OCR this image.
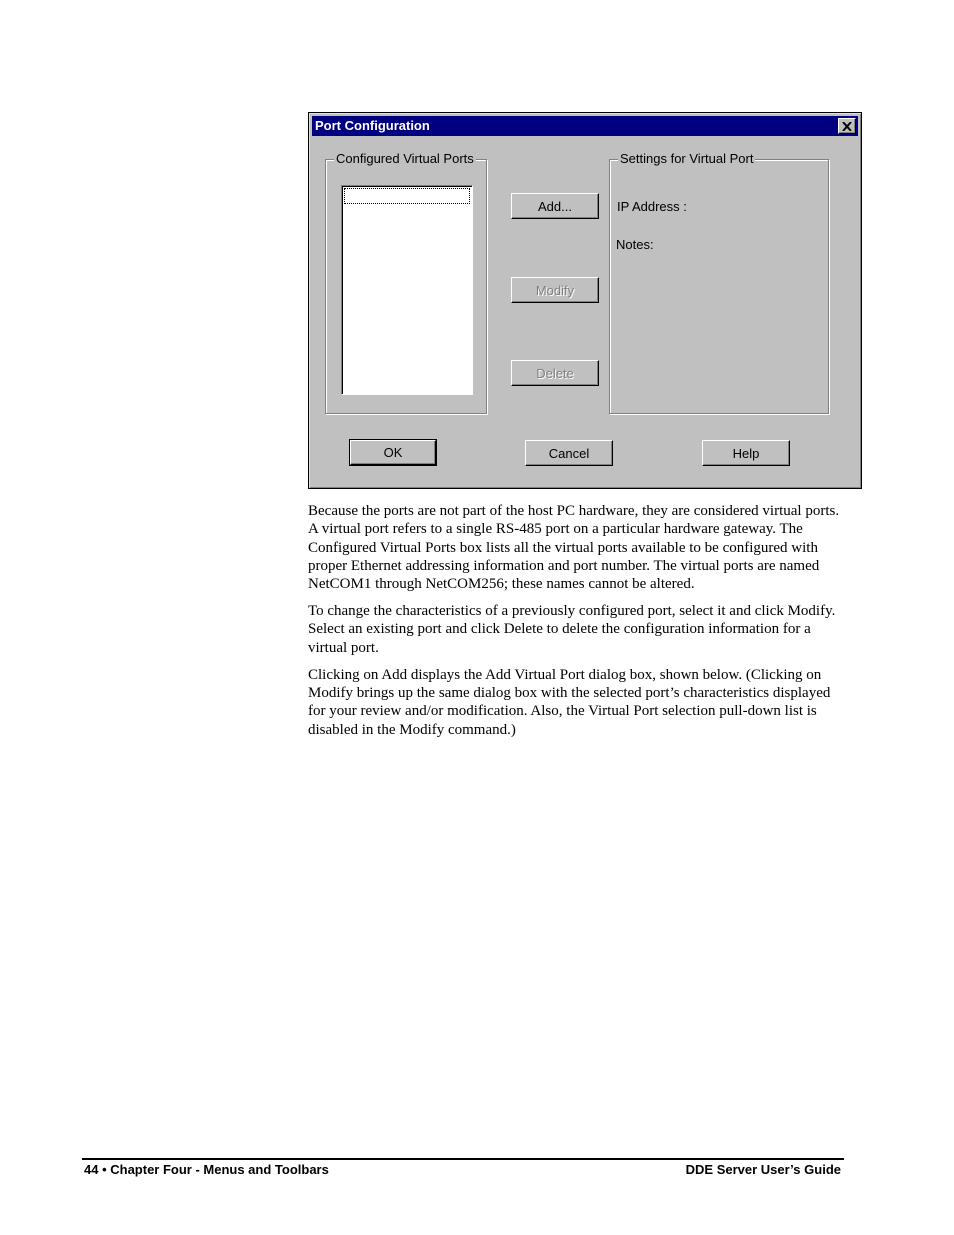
Port Configuration
Configured Virtual Ports	Settings for Virtual Port
IP Address :
Notes:
Add...
Modify
Delete
OK	Cancel	Help

Because the ports are not part of the host PC hardware, they are considered virtual ports. A virtual port refers to a single RS-485 port on a particular hardware gateway. The Configured Virtual Ports box lists all the virtual ports available to be configured with proper Ethernet addressing information and port number. The virtual ports are named NetCOM1 through NetCOM256; these names cannot be altered.

To change the characteristics of a previously configured port, select it and click Modify. Select an existing port and click Delete to delete the configuration information for a virtual port.

Clicking on Add displays the Add Virtual Port dialog box, shown below. (Clicking on Modify brings up the same dialog box with the selected port’s characteristics displayed for your review and/or modification. Also, the Virtual Port selection pull-down list is disabled in the Modify command.)

44 • Chapter Four - Menus and Toolbars	DDE Server User’s Guide
